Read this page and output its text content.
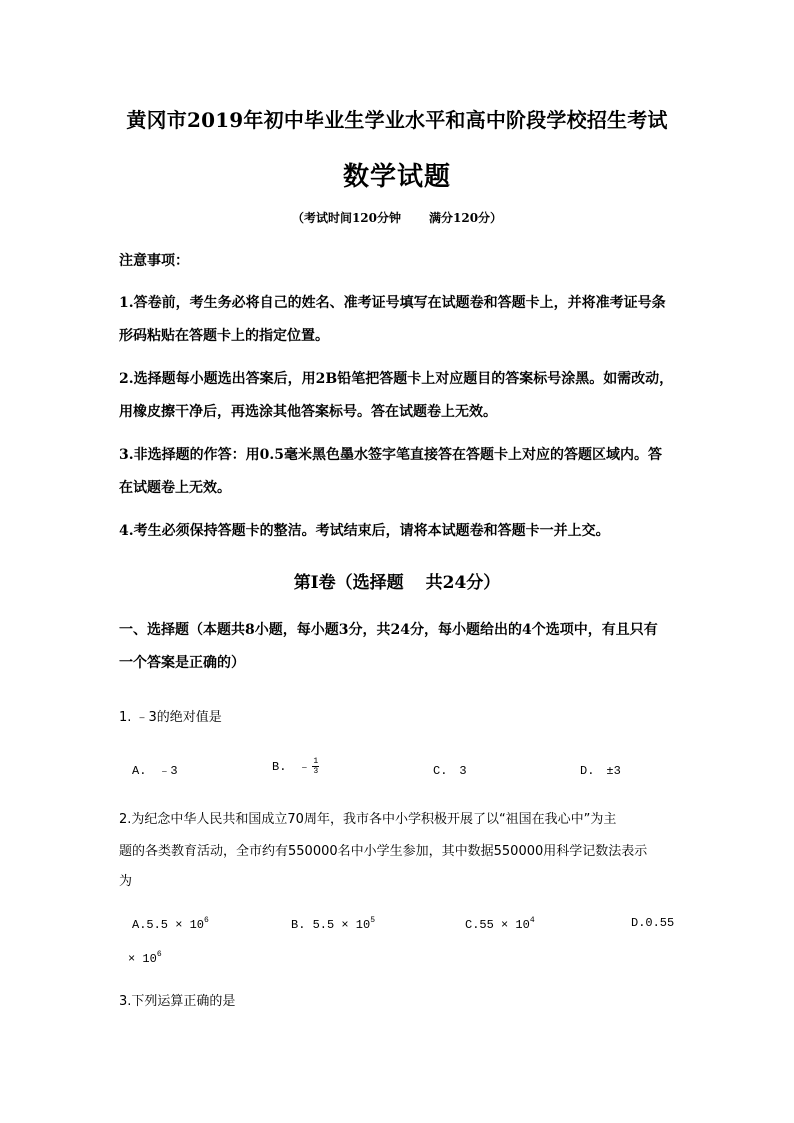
黄冈市2019年初中毕业生学业水平和高中阶段学校招生考试
数学试题
（考试时间120分钟 满分120分）
注意事项：
1.答卷前，考生务必将自己的姓名、准考证号填写在试题卷和答题卡上，并将准考证号条
形码粘贴在答题卡上的指定位置。
2.选择题每小题选出答案后，用2B铅笔把答题卡上对应题目的答案标号涂黑。如需改动，
用橡皮擦干净后，再选涂其他答案标号。答在试题卷上无效。
3.非选择题的作答：用0.5毫米黑色墨水签字笔直接答在答题卡上对应的答题区域内。答
在试题卷上无效。
4.考生必须保持答题卡的整洁。考试结束后，请将本试题卷和答题卡一并上交。
第Ⅰ卷（选择题 共24分）
一、选择题（本题共8小题，每小题3分，共24分，每小题给出的4个选项中，有且只有
一个答案是正确的）
1. ﹣3的绝对值是
A.　﹣3	B.　﹣ $\frac{1}{3}$	C.　3	D.　±3
2.为纪念中华人民共和国成立70周年，我市各中小学积极开展了以“祖国在我心中”为主
题的各类教育活动，全市约有550000名中小学生参加，其中数据550000用科学记数法表示
为
$A.5.5 \times 10^6$	B. $5.5 \times 10^5$	$C.55 \times 10^4$	D.0.55
× $10^6$
3.下列运算正确的是
